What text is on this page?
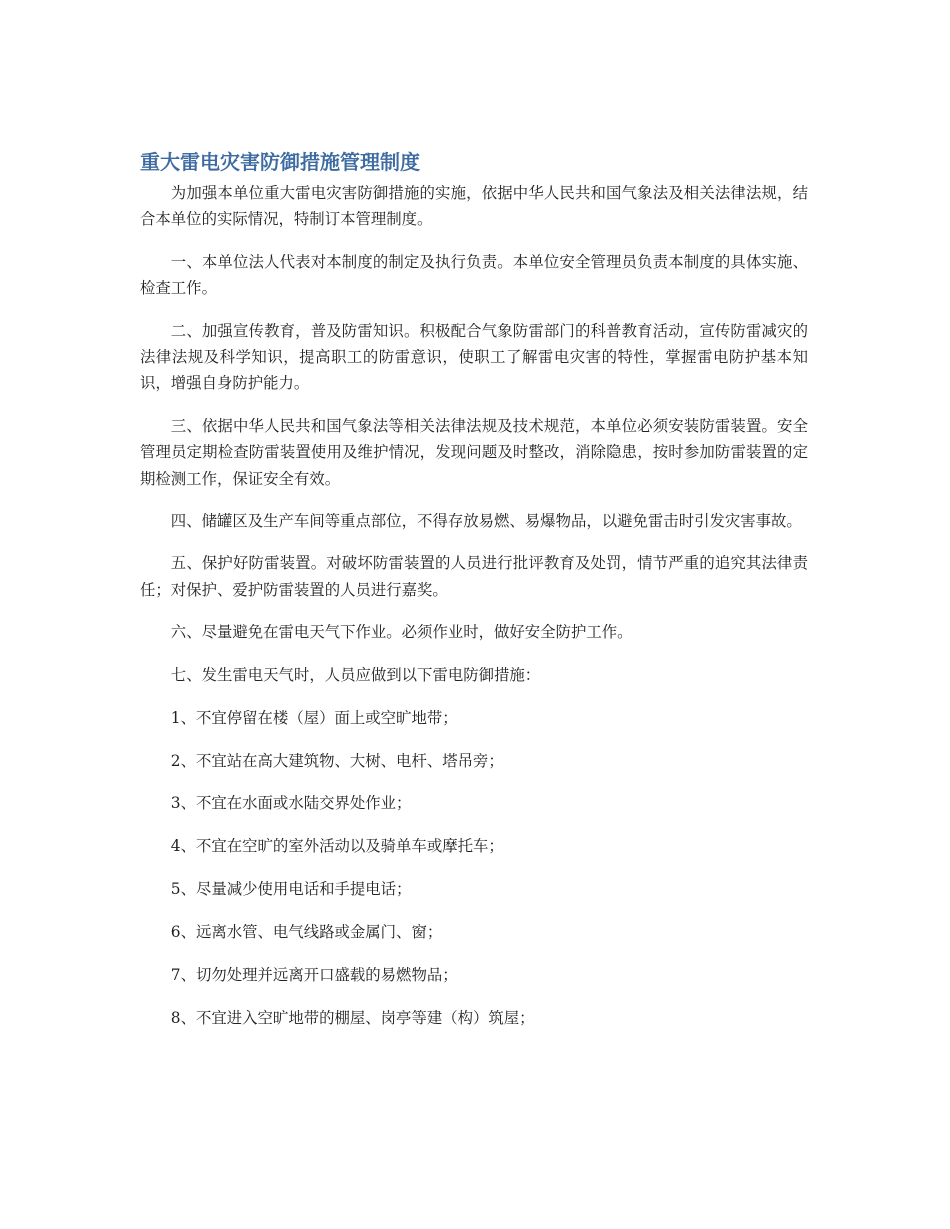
重大雷电灾害防御措施管理制度

为加强本单位重大雷电灾害防御措施的实施，依据中华人民共和国气象法及相关法律法规，结合本单位的实际情况，特制订本管理制度。

一、本单位法人代表对本制度的制定及执行负责。本单位安全管理员负责本制度的具体实施、检查工作。

二、加强宣传教育，普及防雷知识。积极配合气象防雷部门的科普教育活动，宣传防雷减灾的法律法规及科学知识，提高职工的防雷意识，使职工了解雷电灾害的特性，掌握雷电防护基本知识，增强自身防护能力。

三、依据中华人民共和国气象法等相关法律法规及技术规范，本单位必须安装防雷装置。安全管理员定期检查防雷装置使用及维护情况，发现问题及时整改，消除隐患，按时参加防雷装置的定期检测工作，保证安全有效。

四、储罐区及生产车间等重点部位，不得存放易燃、易爆物品，以避免雷击时引发灾害事故。

五、保护好防雷装置。对破坏防雷装置的人员进行批评教育及处罚，情节严重的追究其法律责任；对保护、爱护防雷装置的人员进行嘉奖。

六、尽量避免在雷电天气下作业。必须作业时，做好安全防护工作。

七、发生雷电天气时，人员应做到以下雷电防御措施：

1、不宜停留在楼（屋）面上或空旷地带；

2、不宜站在高大建筑物、大树、电杆、塔吊旁；

3、不宜在水面或水陆交界处作业；

4、不宜在空旷的室外活动以及骑单车或摩托车；

5、尽量减少使用电话和手提电话；

6、远离水管、电气线路或金属门、窗；

7、切勿处理并远离开口盛载的易燃物品；

8、不宜进入空旷地带的棚屋、岗亭等建（构）筑屋；
